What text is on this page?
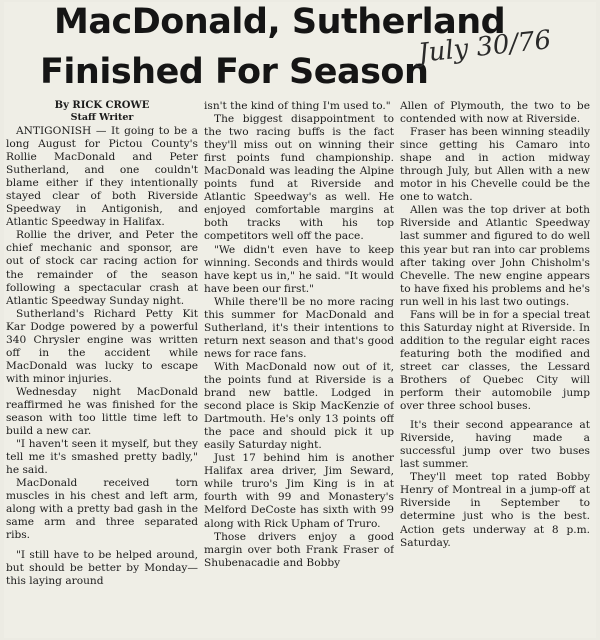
MacDonald, Sutherland
Finished For Season
July 30/76
By RICK CROWE
Staff Writer

ANTIGONISH — It going to be a long August for Pictou County's Rollie MacDonald and Peter Sutherland, and one couldn't blame either if they intentionally stayed clear of both Riverside Speedway in Antigonish, and Atlantic Speedway in Halifax.

Rollie the driver, and Peter the chief mechanic and sponsor, are out of stock car racing action for the remainder of the season following a spectacular crash at Atlantic Speedway Sunday night.

Sutherland's Richard Petty Kit Kar Dodge powered by a powerful 340 Chrysler engine was written off in the accident while MacDonald was lucky to escape with minor injuries.

Wednesday night MacDonald reaffirmed he was finished for the season with too little time left to build a new car.

"I haven't seen it myself, but they tell me it's smashed pretty badly," he said.

MacDonald received torn muscles in his chest and left arm, along with a pretty bad gash in the same arm and three separated ribs.

"I still have to be helped around, but should be better by Monday—this laying around

isn't the kind of thing I'm used to."

The biggest disappointment to the two racing buffs is the fact they'll miss out on winning their first points fund championship. MacDonald was leading the Alpine points fund at Riverside and Atlantic Speedway's as well. He enjoyed comfortable margins at both tracks with his top competitors well off the pace.

"We didn't even have to keep winning. Seconds and thirds would have kept us in," he said. "It would have been our first."

While there'll be no more racing this summer for MacDonald and Sutherland, it's their intentions to return next season and that's good news for race fans.

With MacDonald now out of it, the points fund at Riverside is a brand new battle. Lodged in second place is Skip MacKenzie of Dartmouth. He's only 13 points off the pace and should pick it up easily Saturday night.

Just 17 behind him is another Halifax area driver, Jim Seward, while truro's Jim King is in at fourth with 99 and Monastery's Melford DeCoste has sixth with 99 along with Rick Upham of Truro.

Those drivers enjoy a good margin over both Frank Fraser of Shubenacadie and Bobby

Allen of Plymouth, the two to be contended with now at Riverside.

Fraser has been winning steadily since getting his Camaro into shape and in action midway through July, but Allen with a new motor in his Chevelle could be the one to watch.

Allen was the top driver at both Riverside and Atlantic Speedway last summer and figured to do well this year but ran into car problems after taking over John Chisholm's Chevelle. The new engine appears to have fixed his problems and he's run well in his last two outings.

Fans will be in for a special treat this Saturday night at Riverside. In addition to the regular eight races featuring both the modified and street car classes, the Lessard Brothers of Quebec City will perform their automobile jump over three school buses.

It's their second appearance at Riverside, having made a successful jump over two buses last summer.

They'll meet top rated Bobby Henry of Montreal in a jump-off at Riverside in September to determine just who is the best. Action gets underway at 8 p.m. Saturday.
